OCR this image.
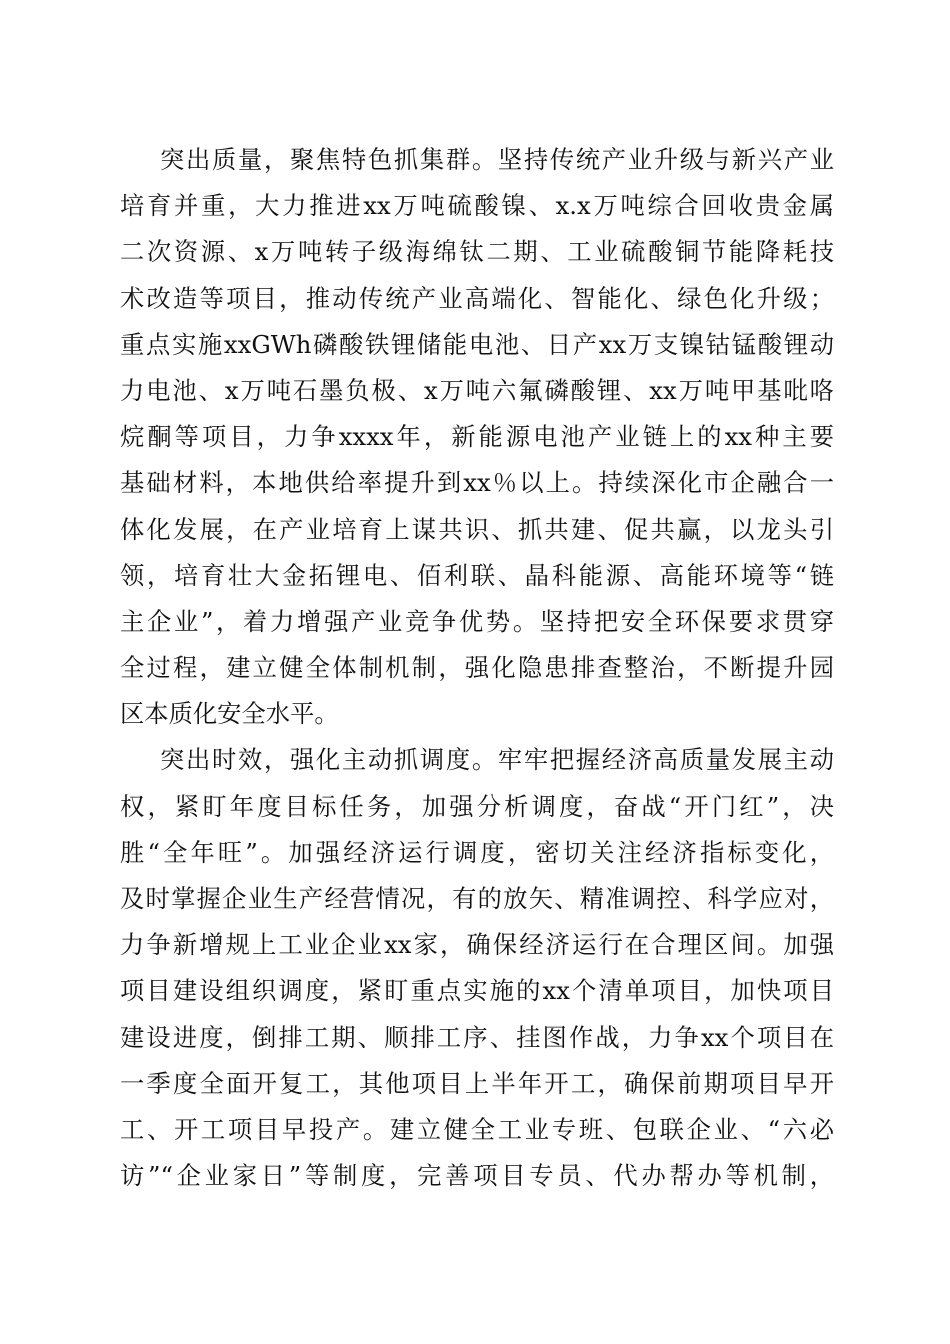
突出质量，聚焦特色抓集群。坚持传统产业升级与新兴产业
培育并重，大力推进xx万吨硫酸镍、x.x万吨综合回收贵金属
二次资源、x万吨转子级海绵钛二期、工业硫酸铜节能降耗技
术改造等项目，推动传统产业高端化、智能化、绿色化升级；
重点实施xxGWh磷酸铁锂储能电池、日产xx万支镍钴锰酸锂动
力电池、x万吨石墨负极、x万吨六氟磷酸锂、xx万吨甲基吡咯
烷酮等项目，力争xxxx年，新能源电池产业链上的xx种主要
基础材料，本地供给率提升到xx％以上。持续深化市企融合一
体化发展，在产业培育上谋共识、抓共建、促共赢，以龙头引
领，培育壮大金拓锂电、佰利联、晶科能源、高能环境等“链
主企业”，着力增强产业竞争优势。坚持把安全环保要求贯穿
全过程，建立健全体制机制，强化隐患排查整治，不断提升园
区本质化安全水平。
突出时效，强化主动抓调度。牢牢把握经济高质量发展主动
权，紧盯年度目标任务，加强分析调度，奋战“开门红”，决
胜“全年旺”。加强经济运行调度，密切关注经济指标变化，
及时掌握企业生产经营情况，有的放矢、精准调控、科学应对，
力争新增规上工业企业xx家，确保经济运行在合理区间。加强
项目建设组织调度，紧盯重点实施的xx个清单项目，加快项目
建设进度，倒排工期、顺排工序、挂图作战，力争xx个项目在
一季度全面开复工，其他项目上半年开工，确保前期项目早开
工、开工项目早投产。建立健全工业专班、包联企业、“六必
访”“企业家日”等制度，完善项目专员、代办帮办等机制，
